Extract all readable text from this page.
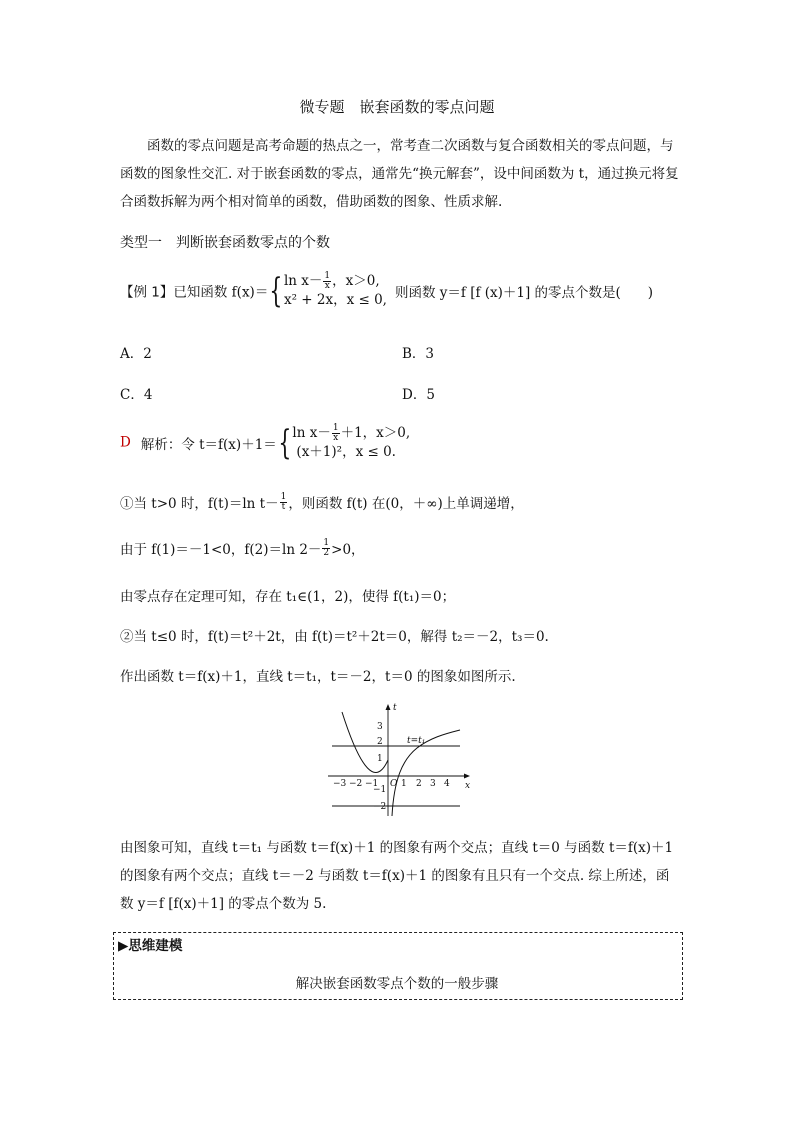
微专题　嵌套函数的零点问题
函数的零点问题是高考命题的热点之一，常考查二次函数与复合函数相关的零点问题，与函数的图象性交汇. 对于嵌套函数的零点，通常先“换元解套”，设中间函数为 t，通过换元将复合函数拆解为两个相对简单的函数，借助函数的图象、性质求解.
类型一　判断嵌套函数零点的个数
【例 1】已知函数 f(x)＝{ $\ln x- \frac{1}{x}$ ，x＞0,
x² + 2x，x ≤ 0, 则函数 y＝f [f (x)＋1] 的零点个数是(　　)
A．2	B．3
C．4	D．5
D 解析：令 t＝f(x)＋1＝{ $\ln x- \frac{1}{x} +1$，x＞0,
(x＋1)²，x ≤ 0.
①当 t>0 时，f(t)＝ln $t- \frac{1}{t}$ ，则函数 f(t) 在(0，＋∞)上单调递增，
由于 f(1)＝－1<0，f(2)＝ln $2- \frac{1}{2} >0$，
由零点存在定理可知，存在 t₁∈(1，2)，使得 f(t₁)＝0；
②当 t≤0 时，f(t)＝t²＋2t，由 f(t)＝t²＋2t＝0，解得 t₂＝－2，t₃＝0.
作出函数 t＝f(x)＋1，直线 t＝t₁，t＝－2，t＝0 的图象如图所示.
t
x
O
−3 −2 −1	1 2 3 4
3
2
1
−1
−2
t=t₁
由图象可知，直线 t＝t₁ 与函数 t＝f(x)＋1 的图象有两个交点；直线 t＝0 与函数 t＝f(x)＋1 的图象有两个交点；直线 t＝－2 与函数 t＝f(x)＋1 的图象有且只有一个交点. 综上所述，函数 y＝f [f(x)＋1] 的零点个数为 5.
▶思维建模
解决嵌套函数零点个数的一般步骤
